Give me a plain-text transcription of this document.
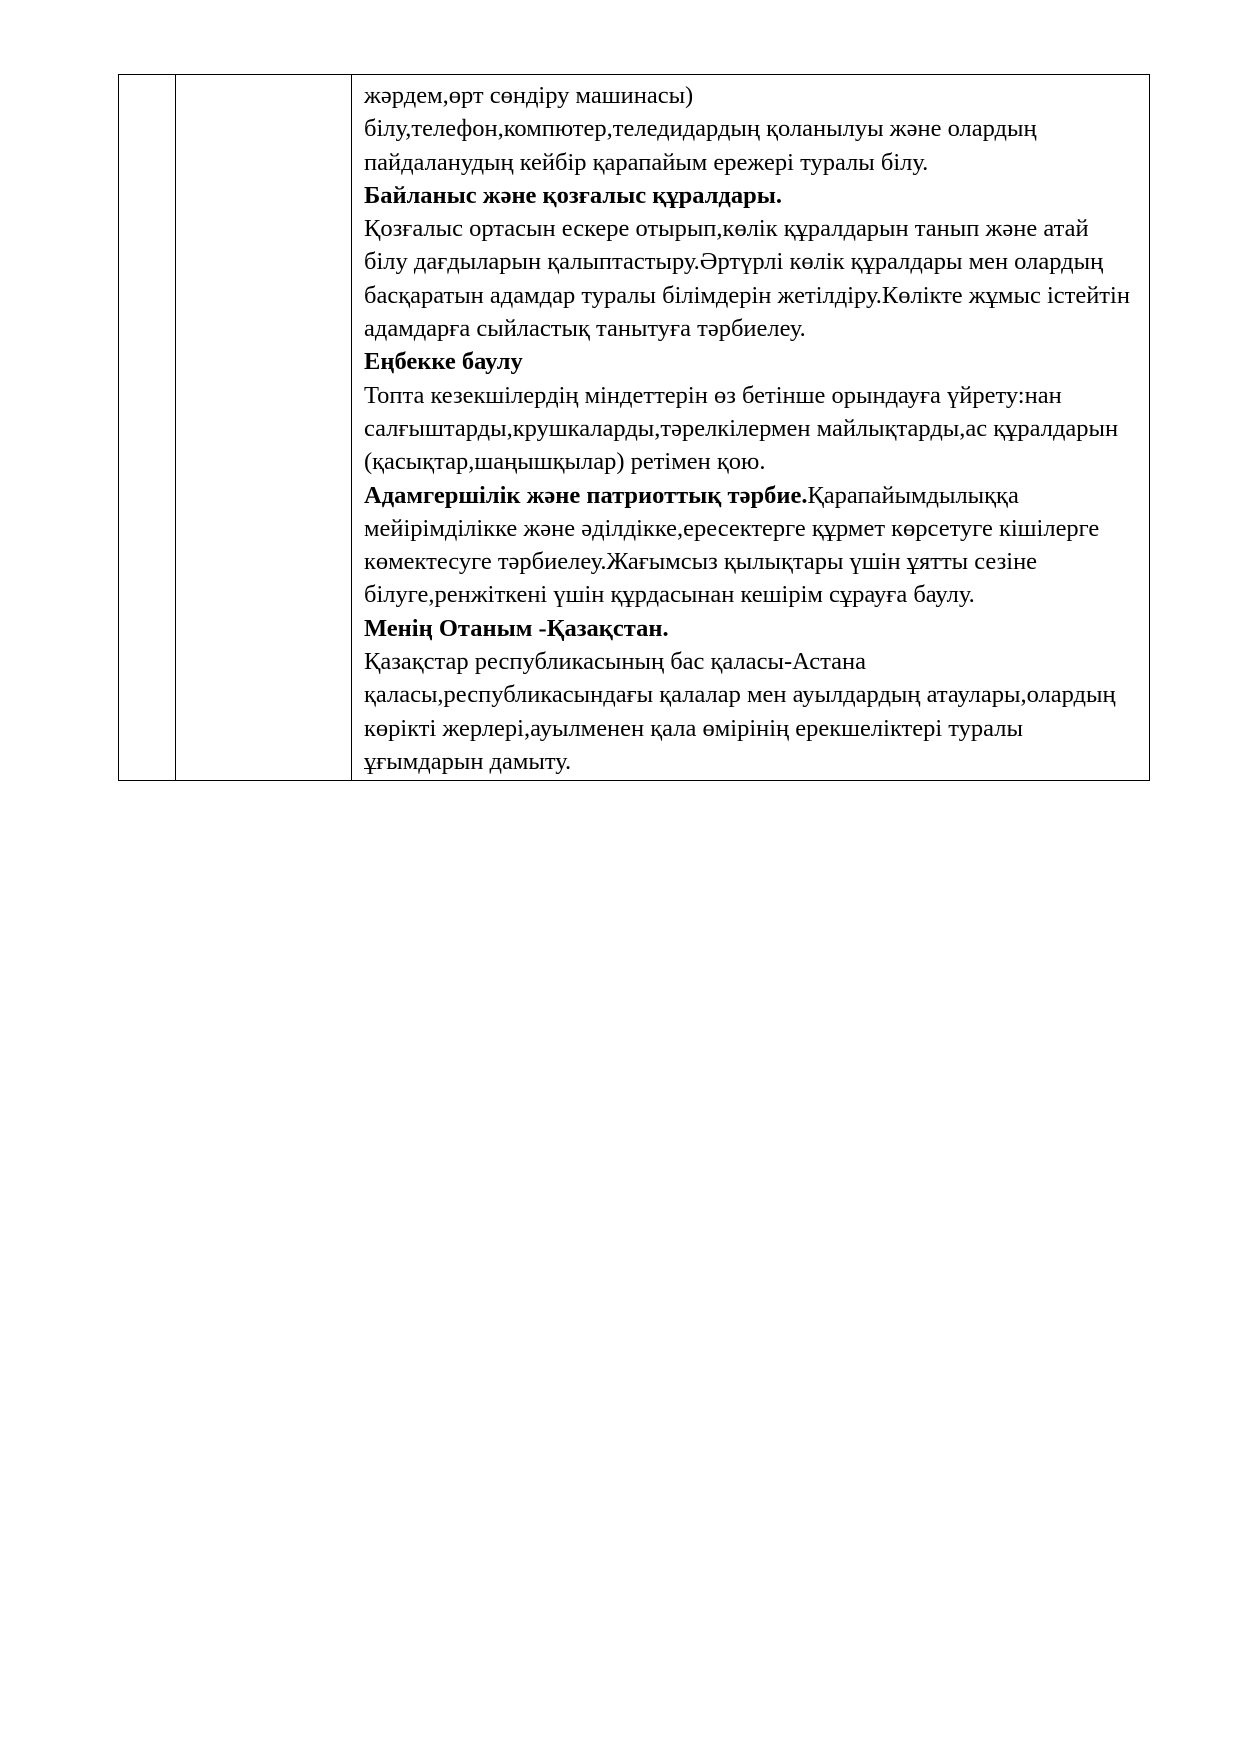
жәрдем,өрт сөндіру машинасы)

білу,телефон,компютер,теледидардың қоланылуы және олардың пайдаланудың кейбір қарапайым ережері туралы білу.

Байланыс және қозғалыс құралдары.

Қозғалыс ортасын ескере отырып,көлік құралдарын танып және атай білу дағдыларын қалыптастыру.Әртүрлі көлік құралдары мен олардың басқаратын адамдар туралы білімдерін жетілдіру.Көлікте жұмыс істейтін адамдарға сыйластық танытуға тәрбиелеу.

Еңбекке баулу

Топта кезекшілердің міндеттерін өз бетінше орындауға үйрету:нан салғыштарды,крушкаларды,тәрелкілермен майлықтарды,ас құралдарын (қасықтар,шаңышқылар) ретімен қою.

Адамгершілік және патриоттық тәрбие.Қарапайымдылыққа мейірімділікке және әділдікке,ересектерге құрмет көрсетуге кішілерге көмектесуге тәрбиелеу.Жағымсыз қылықтары үшін ұятты сезіне білуге,ренжіткені үшін құрдасынан кешірім сұрауға баулу.

Менің Отаным -Қазақстан.

Қазақстар республикасының бас қаласы-Астана қаласы,республикасындағы қалалар мен ауылдардың атаулары,олардың көрікті жерлері,ауылменен қала өмірінің ерекшеліктері туралы ұғымдарын дамыту.
